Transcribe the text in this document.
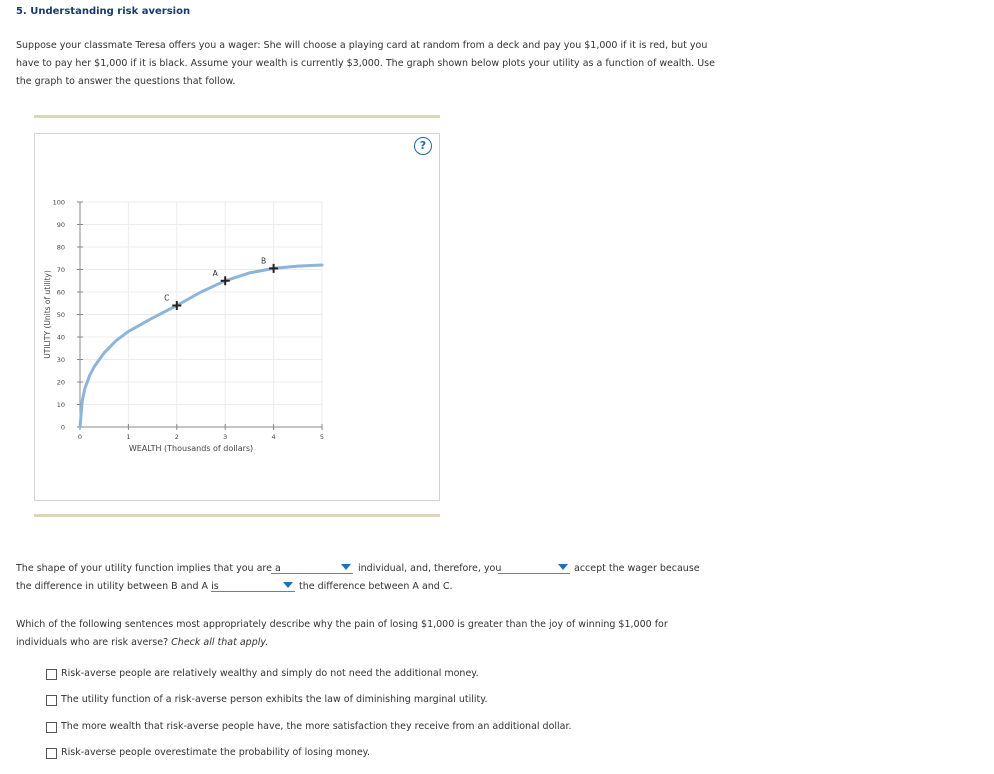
5. Understanding risk aversion
Suppose your classmate Teresa offers you a wager: She will choose a playing card at random from a deck and pay you $1,000 if it is red, but you have to pay her $1,000 if it is black. Assume your wealth is currently $3,000. The graph shown below plots your utility as a function of wealth. Use the graph to answer the questions that follow.
0
10
20
30
40
50
60
70
80
90
100
0	1	2	3	4	5
WEALTH (Thousands of dollars)
UTILITY (Units of utility)	C
A
B
?
The shape of your utility function implies that you are a	individual, and, therefore, you	accept the wager because
the difference in utility between B and A is	the difference between A and C.
Which of the following sentences most appropriately describe why the pain of losing $1,000 is greater than the joy of winning $1,000 for individuals who are risk averse? Check all that apply.
Risk-averse people are relatively wealthy and simply do not need the additional money.
The utility function of a risk-averse person exhibits the law of diminishing marginal utility.
The more wealth that risk-averse people have, the more satisfaction they receive from an additional dollar.
Risk-averse people overestimate the probability of losing money.
